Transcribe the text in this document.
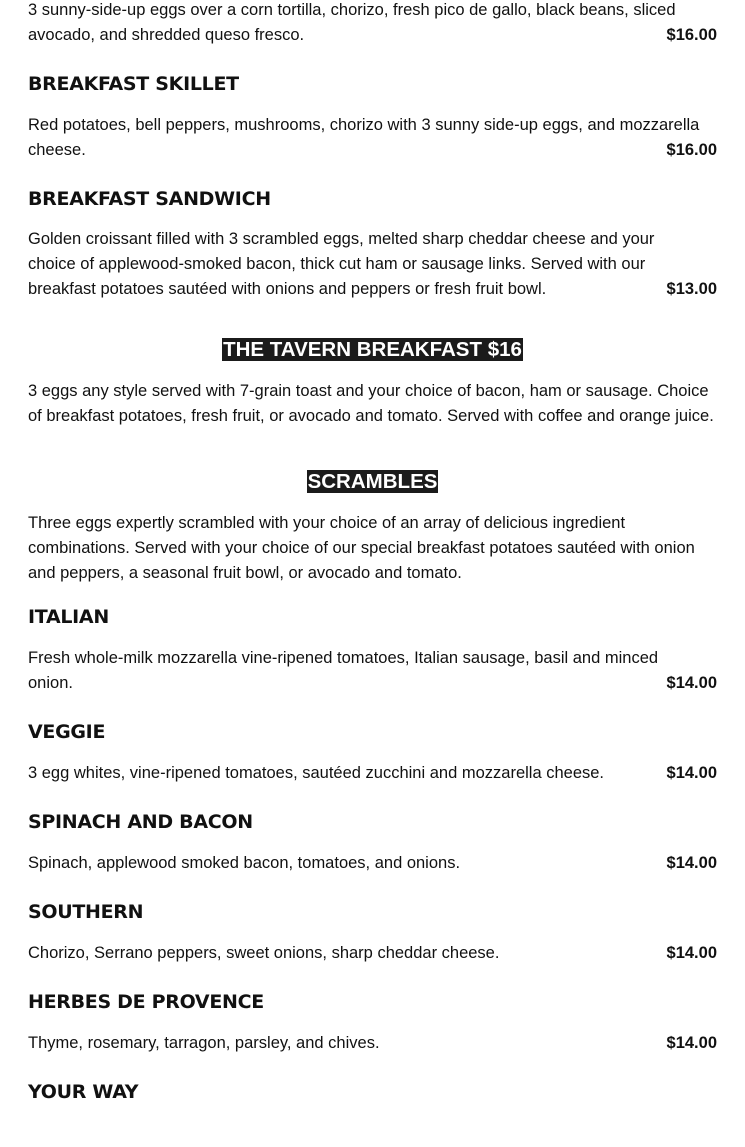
3 sunny-side-up eggs over a corn tortilla, chorizo, fresh pico de gallo, black beans, sliced avocado, and shredded queso fresco.	$16.00
BREAKFAST SKILLET

Red potatoes, bell peppers, mushrooms, chorizo with 3 sunny side-up eggs, and mozzarella cheese.	$16.00
BREAKFAST SANDWICH

Golden croissant filled with 3 scrambled eggs, melted sharp cheddar cheese and your choice of applewood-smoked bacon, thick cut ham or sausage links. Served with our breakfast potatoes sautéed with onions and peppers or fresh fruit bowl.	$13.00
THE TAVERN BREAKFAST $16

3 eggs any style served with 7-grain toast and your choice of bacon, ham or sausage. Choice of breakfast potatoes, fresh fruit, or avocado and tomato. Served with coffee and orange juice.

SCRAMBLES

Three eggs expertly scrambled with your choice of an array of delicious ingredient combinations. Served with your choice of our special breakfast potatoes sautéed with onion and peppers, a seasonal fruit bowl, or avocado and tomato.

ITALIAN

Fresh whole-milk mozzarella vine-ripened tomatoes, Italian sausage, basil and minced onion.	$14.00
VEGGIE

3 egg whites, vine-ripened tomatoes, sautéed zucchini and mozzarella cheese.	$14.00
SPINACH AND BACON

Spinach, applewood smoked bacon, tomatoes, and onions.	$14.00
SOUTHERN

Chorizo, Serrano peppers, sweet onions, sharp cheddar cheese.	$14.00
HERBES DE PROVENCE

Thyme, rosemary, tarragon, parsley, and chives.	$14.00
YOUR WAY
